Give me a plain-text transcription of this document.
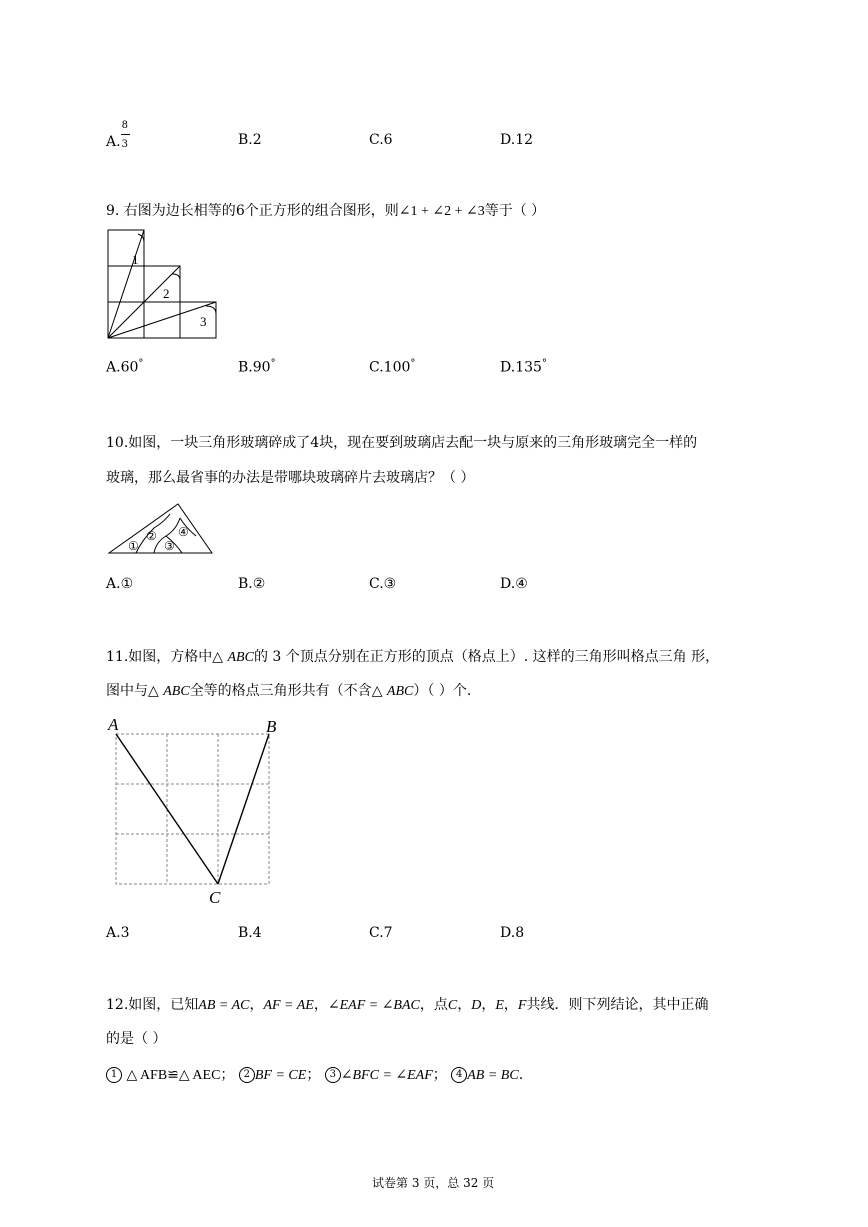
A. $\frac{8}{3}$	B.2	C.6	D.12
9. 右图为边长相等的6个正方形的组合图形，则∠1 + ∠2 + ∠3等于（ ）
1
2
3
A.60°	B.90°	C.100°	D.135°
10.如图，一块三角形玻璃碎成了4块，现在要到玻璃店去配一块与原来的三角形玻璃完全一样的
玻璃，那么最省事的办法是带哪块玻璃碎片去玻璃店？（ ）
①
②
③
④
A.①	B.②	C.③	D.④
11.如图，方格中△ ABC的 3 个顶点分别在正方形的顶点（格点上）. 这样的三角形叫格点三角 形，
图中与△ ABC全等的格点三角形共有（不含△ ABC）（ ）个.
A	B
C
A.3	B.4	C.7	D.8
12.如图，已知AB = AC，AF = AE，∠EAF = ∠BAC，点C，D，E，F共线．则下列结论，其中正确
的是（ ）
1 △ AFB≌△ AEC； 2 BF = CE； 3 ∠BFC = ∠EAF； 4 AB = BC.
试卷第 3 页，总 32 页
